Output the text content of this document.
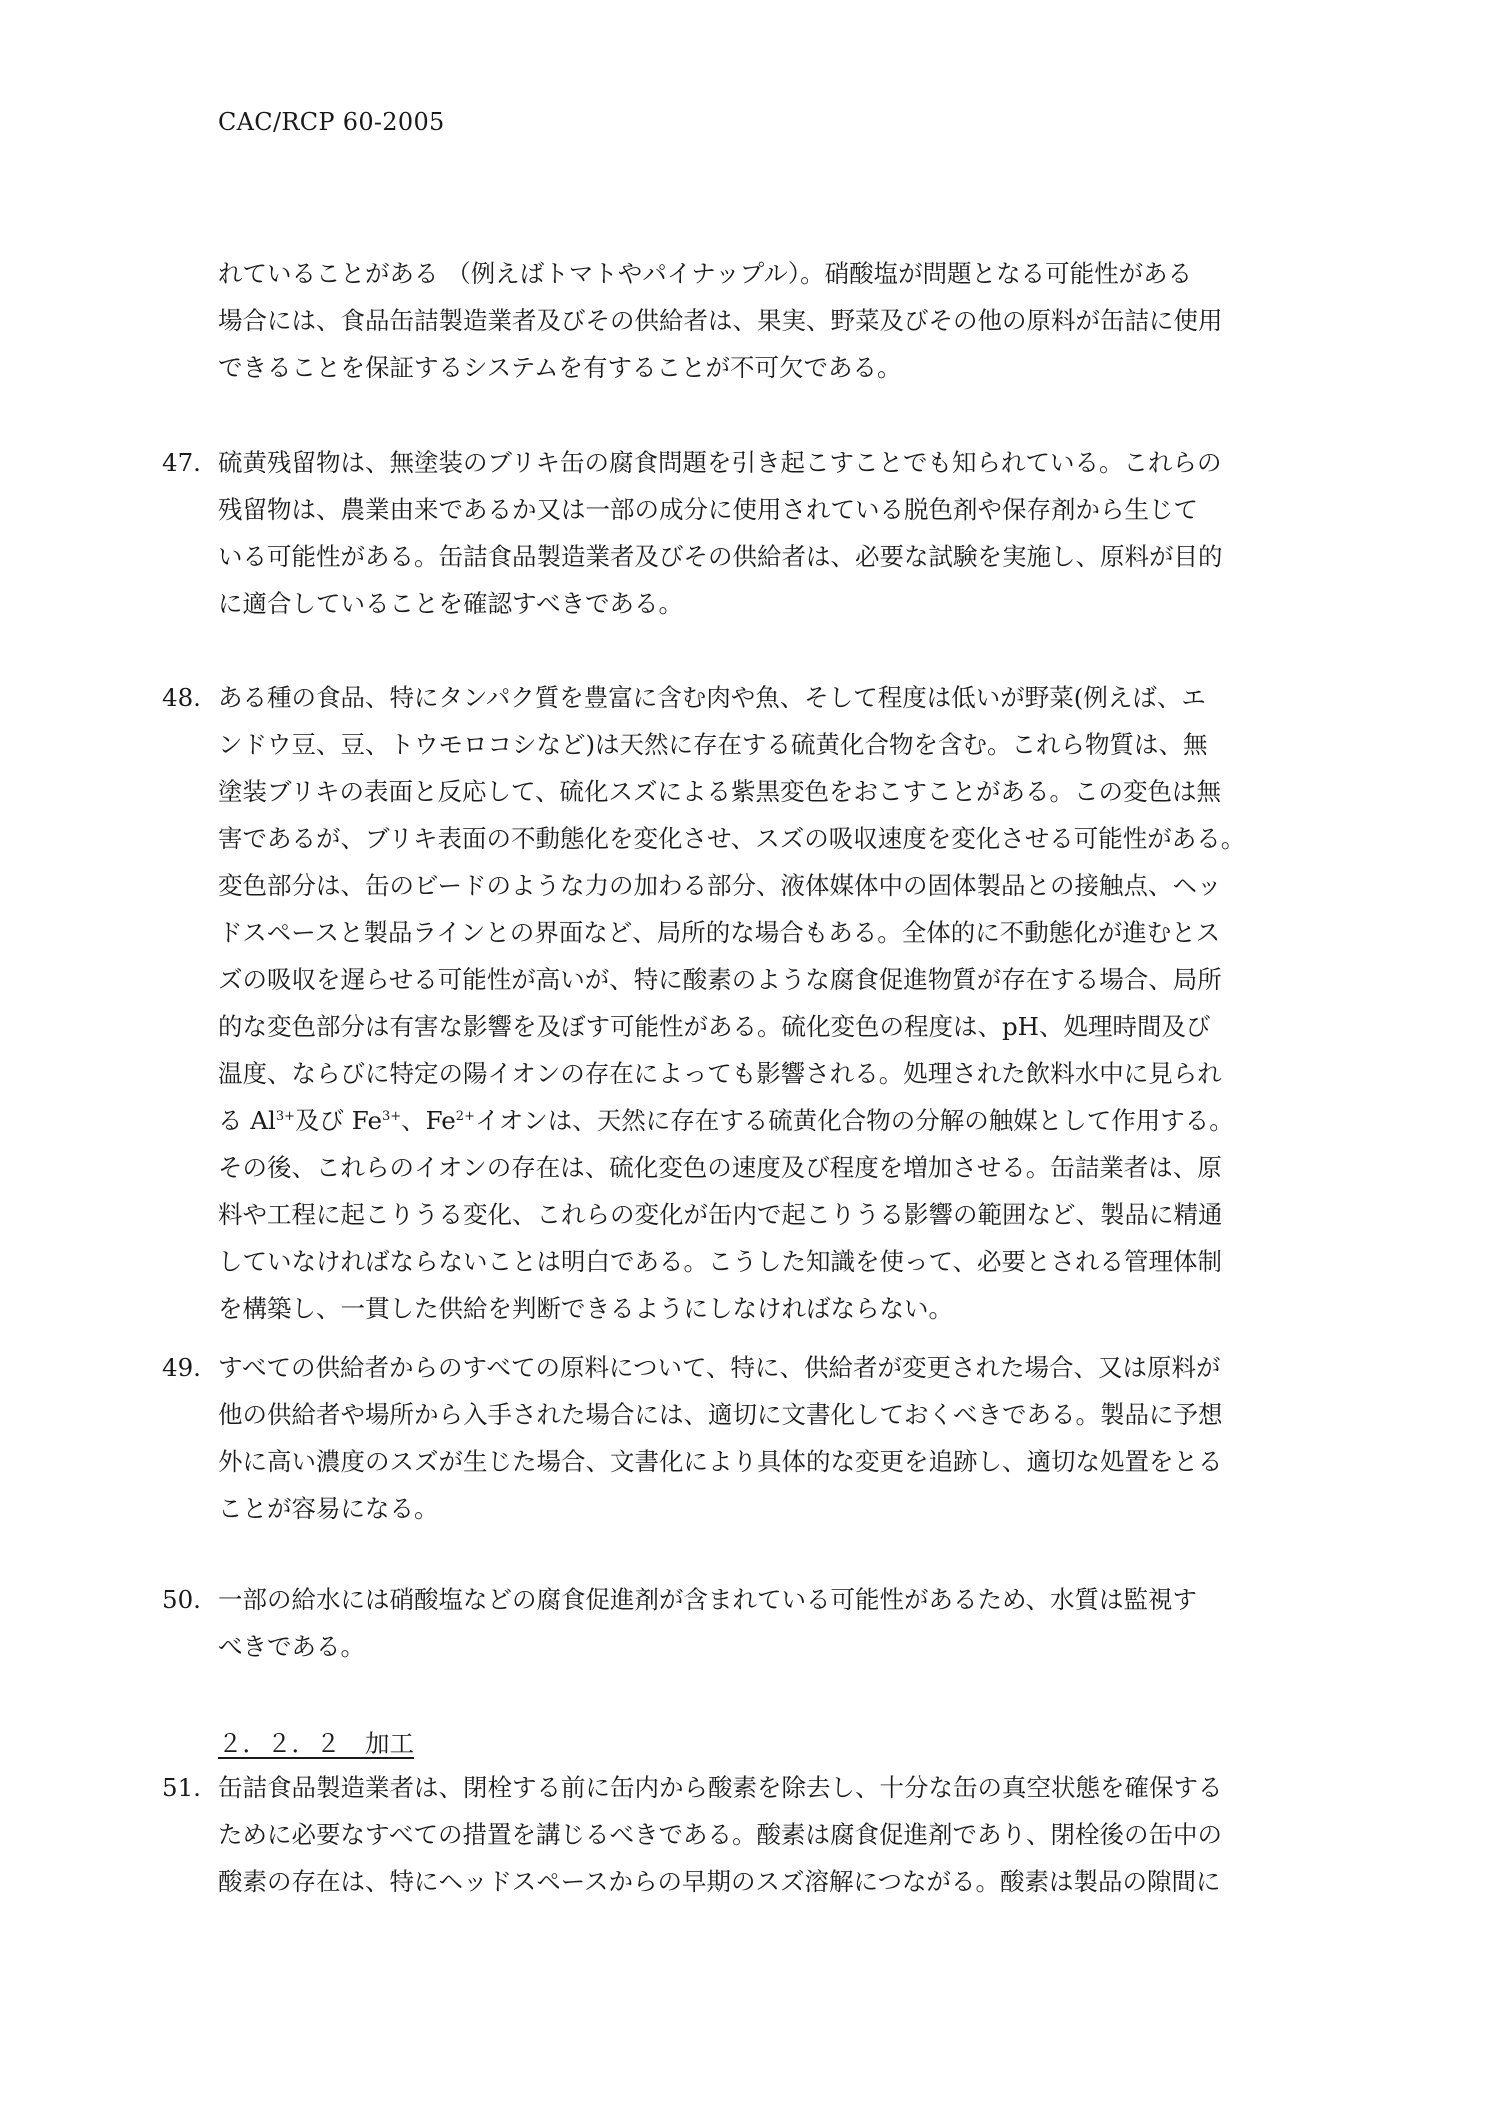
CAC/RCP 60-2005
れていることがある （例えばトマトやパイナップル）。硝酸塩が問題となる可能性がある
場合には、食品缶詰製造業者及びその供給者は、果実、野菜及びその他の原料が缶詰に使用
できることを保証するシステムを有することが不可欠である。
47. 硫黄残留物は、無塗装のブリキ缶の腐食問題を引き起こすことでも知られている。これらの
残留物は、農業由来であるか又は一部の成分に使用されている脱色剤や保存剤から生じて
いる可能性がある。缶詰食品製造業者及びその供給者は、必要な試験を実施し、原料が目的
に適合していることを確認すべきである。
48. ある種の食品、特にタンパク質を豊富に含む肉や魚、そして程度は低いが野菜(例えば、エ
ンドウ豆、豆、トウモロコシなど)は天然に存在する硫黄化合物を含む。これら物質は、無
塗装ブリキの表面と反応して、硫化スズによる紫黒変色をおこすことがある。この変色は無
害であるが、ブリキ表面の不動態化を変化させ、スズの吸収速度を変化させる可能性がある。
変色部分は、缶のビードのような力の加わる部分、液体媒体中の固体製品との接触点、ヘッ
ドスペースと製品ラインとの界面など、局所的な場合もある。全体的に不動態化が進むとス
ズの吸収を遅らせる可能性が高いが、特に酸素のような腐食促進物質が存在する場合、局所
的な変色部分は有害な影響を及ぼす可能性がある。硫化変色の程度は、pH、処理時間及び
温度、ならびに特定の陽イオンの存在によっても影響される。処理された飲料水中に見られ
る $Al^{3+}$及び $Fe^{3+}$、$Fe^{2+}$イオンは、天然に存在する硫黄化合物の分解の触媒として作用する。
その後、これらのイオンの存在は、硫化変色の速度及び程度を増加させる。缶詰業者は、原
料や工程に起こりうる変化、これらの変化が缶内で起こりうる影響の範囲など、製品に精通
していなければならないことは明白である。こうした知識を使って、必要とされる管理体制
を構築し、一貫した供給を判断できるようにしなければならない。
49. すべての供給者からのすべての原料について、特に、供給者が変更された場合、又は原料が
他の供給者や場所から入手された場合には、適切に文書化しておくべきである。製品に予想
外に高い濃度のスズが生じた場合、文書化により具体的な変更を追跡し、適切な処置をとる
ことが容易になる。
50. 一部の給水には硝酸塩などの腐食促進剤が含まれている可能性があるため、水質は監視す
べきである。
２．２．２　加工
51. 缶詰食品製造業者は、閉栓する前に缶内から酸素を除去し、十分な缶の真空状態を確保する
ために必要なすべての措置を講じるべきである。酸素は腐食促進剤であり、閉栓後の缶中の
酸素の存在は、特にヘッドスペースからの早期のスズ溶解につながる。酸素は製品の隙間に
